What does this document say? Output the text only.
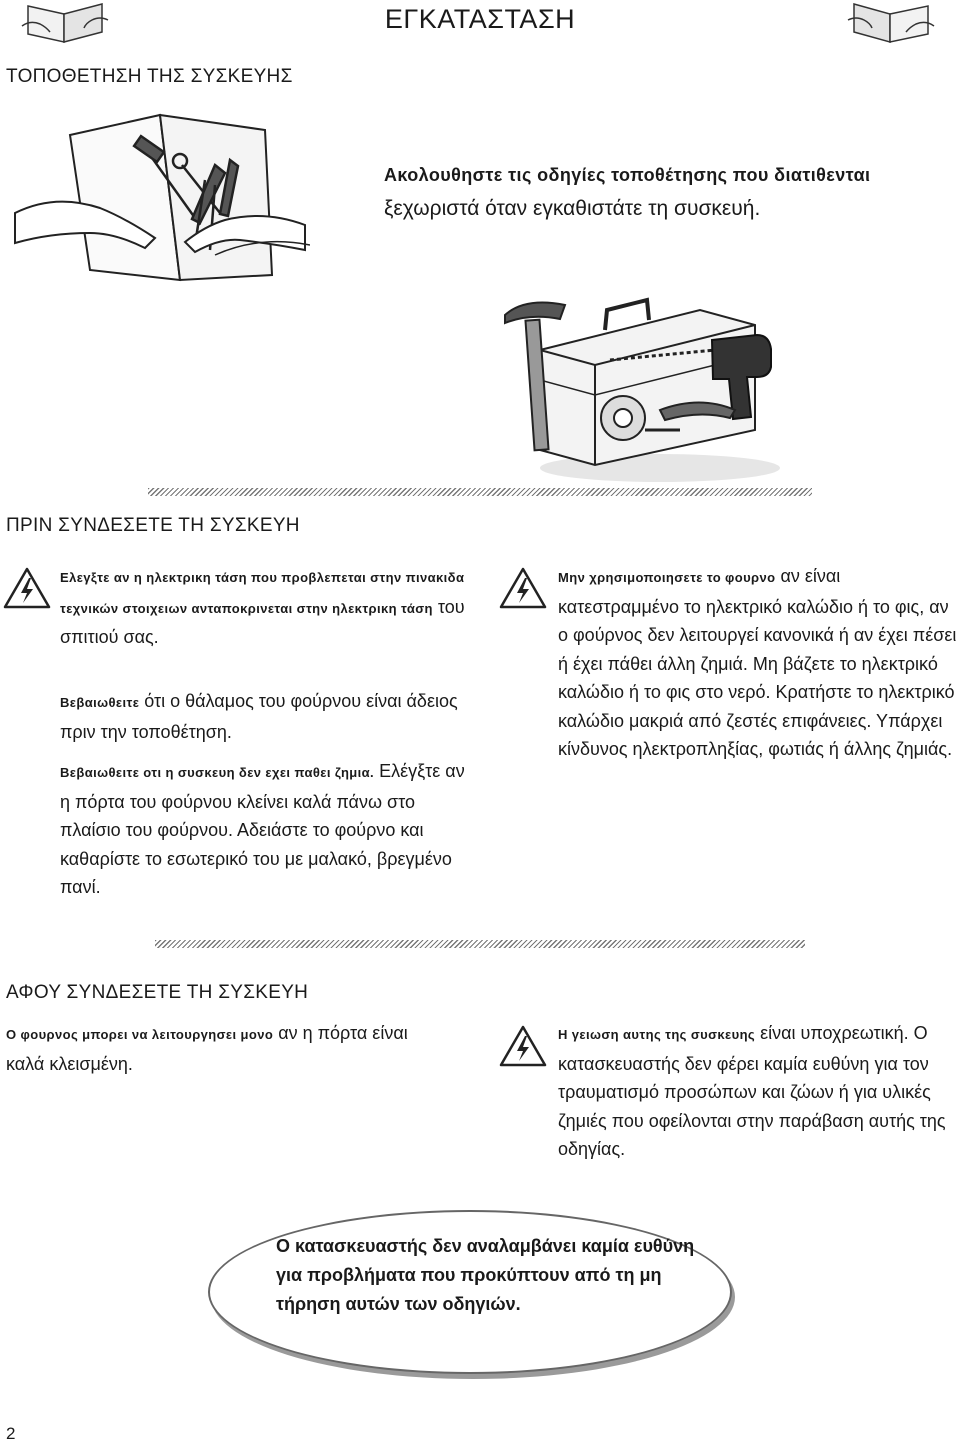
ΕΓΚΑΤΑΣΤΑΣΗ
ΤΟΠΟΘΕΤΗΣΗ ΤΗΣ ΣΥΣΚΕΥΗΣ
Ακολουθηστε τις οδηγίες τοποθέτησης που διατιθενται ξεχωριστά όταν εγκαθιστάτε τη συσκευή.
ΠΡΙΝ ΣΥΝΔΕΣΕΤΕ ΤΗ ΣΥΣΚΕΥΗ
Ελεγξτε αν η ηλεκτρικη τάση που προβλεπεται στην πινακιδα τεχνικών στοιχειων ανταποκρινεται στην ηλεκτρικη τάση του σπιτιού σας.
Βεβαιωθειτε ότι ο θάλαμος του φούρνου είναι άδειος πριν την τοποθέτηση.
Βεβαιωθειτε οτι η συσκευη δεν εχει παθει ζημια. Ελέγξτε αν η πόρτα του φούρνου κλείνει καλά πάνω στο πλαίσιο του φούρνου. Αδειάστε το φούρνο και καθαρίστε το εσωτερικό του με μαλακό, βρεγμένο πανί.
Μην χρησιμοποιησετε το φουρνο αν είναι κατεστραμμένο το ηλεκτρικό καλώδιο ή το φις, αν ο φούρνος δεν λειτουργεί κανονικά ή αν έχει πέσει ή έχει πάθει άλλη ζημιά. Μη βάζετε το ηλεκτρικό καλώδιο ή το φις στο νερό. Κρατήστε το ηλεκτρικό καλώδιο μακριά από ζεστές επιφάνειες. Υπάρχει κίνδυνος ηλεκτροπληξίας, φωτιάς ή άλλης ζημιάς.
ΑΦΟΥ ΣΥΝΔΕΣΕΤΕ ΤΗ ΣΥΣΚΕΥΗ
Ο φουρνος μπορει να λειτουργησει μονο αν η πόρτα είναι καλά κλεισμένη.
Η γειωση αυτης της συσκευης είναι υποχρεωτική. Ο κατασκευαστής δεν φέρει καμία ευθύνη για τον τραυματισμό προσώπων και ζώων ή για υλικές ζημιές που οφείλονται στην παράβαση αυτής της οδηγίας.
Ο κατασκευαστής δεν αναλαμβάνει καμία ευθύνη για προβλήματα που προκύπτουν από τη μη τήρηση αυτών των οδηγιών.
2
